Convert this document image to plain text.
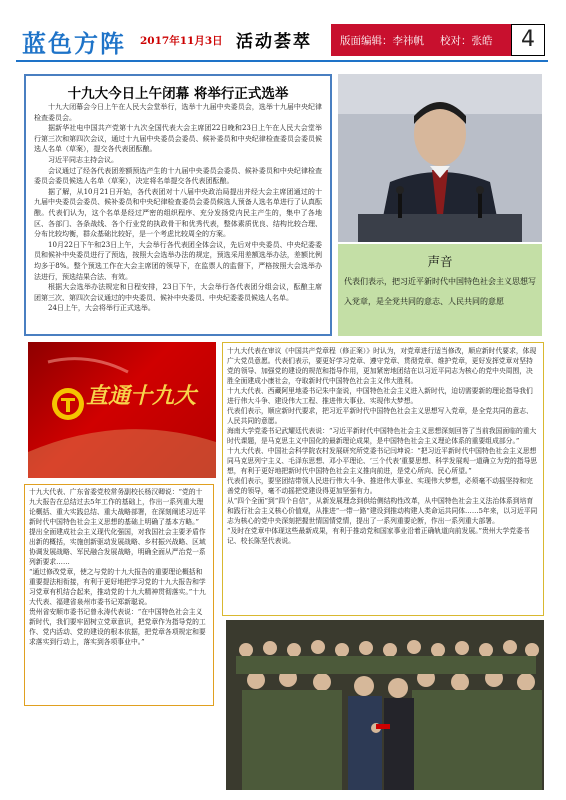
蓝色方阵 2017年11月3日 活动荟萃	版面编辑：李祎帆 校对：张皓	4
十九大今日上午闭幕 将举行正式选举

十九大闭幕会今日上午在人民大会堂举行，选举十九届中央委员会，选举十九届中央纪律检查委员会。

据新华社电中国共产党第十九次全国代表大会主席团22日晚和23日上午在人民大会堂举行第三次和第四次会议，通过十九届中央委员会委员、候补委员和中央纪律检查委员会委员候选人名单（草案），提交各代表团酝酿。

习近平同志主持会议。

会议通过了经各代表团差额预选产生的十九届中央委员会委员、候补委员和中央纪律检查委员会委员候选人名单（草案），决定将名单提交各代表团酝酿。

据了解，从10月21日开始，各代表团对十八届中央政治局提出并经大会主席团通过的十九届中央委员会委员、候补委员和中央纪律检查委员会委员候选人预备人选名单进行了认真酝酿。代表们认为，这个名单是经过严密的组织程序、充分发扬党内民主产生的，集中了各地区、各部门、各条战线、各个行业党的执政骨干和优秀代表，整体素质优良、结构比较合理、分布比较均衡，群众基础比较好，是一个考虑比较周全的方案。

10月22日下午和23日上午，大会举行各代表团全体会议，先后对中央委员、中央纪委委员和候补中央委员进行了预选，按照大会选举办法的规定，预选采用差额选举办法，差额比例均多于8%。整个预选工作在大会主席团的领导下，在监票人的监督下，严格按照大会选举办法进行，预选结果合法、有效。

根据大会选举办法规定和日程安排，23日下午，大会举行各代表团分组会议，酝酿主席团第三次、第四次会议通过的中央委员、候补中央委员、中央纪委委员候选人名单。

24日上午，大会将举行正式选举。

声音
代表们表示，把习近平新时代中国特色社会主义思想写入党章，是全党共同的意志、人民共同的意愿
直通十九大

十九大代表在审议《中国共产党章程（修正案）》时认为，对党章进行适当修改，顺应新时代要求，体现广大党员意愿。代表们表示，要更好学习党章、遵守党章、贯彻党章、维护党章，更好发挥党章对坚持党的领导、加强党的建设的规范和指导作用，更加紧密地团结在以习近平同志为核心的党中央周围，决胜全面建成小康社会，夺取新时代中国特色社会主义伟大胜利。

十九大代表、西藏阿里地委书记朱中奎说，中国特色社会主义进入新时代，迫切需要新的理论指导我们进行伟大斗争、建设伟大工程、推进伟大事业、实现伟大梦想。

代表们表示，顺应新时代要求，把习近平新时代中国特色社会主义思想写入党章，是全党共同的意志、人民共同的意愿。

海南大学党委书记武耀廷代表说：“习近平新时代中国特色社会主义思想深刻回答了当前我国面临的重大时代课题，是马克思主义中国化的最新理论成果，是中国特色社会主义理论体系的重要组成部分。”

十九大代表、中国社会科学院农村发展研究所党委书记闫坤说：“把习近平新时代中国特色社会主义思想同马克思列宁主义、毛泽东思想、邓小平理论、‘三个代表’重要思想、科学发展观一道确立为党的指导思想，有利于更好地把新时代中国特色社会主义推向前进，是党心所向、民心所望。”

代表们表示，要坚团结带领人民进行伟大斗争、推进伟大事业、实现伟大梦想，必须毫不动摇坚持和完善党的领导，毫不动摇把党建设得更加坚强有力。

从“四个全面”到“四个自信”，从新发展理念到供给侧结构性改革，从中国特色社会主义法治体系到培育和践行社会主义核心价值观，从推进“一带一路”建设到推动构建人类命运共同体……5年来，以习近平同志为核心的党中央深刻把握世情国情党情，提出了一系列重要论断，作出一系列重大部署。

“及时在党章中体现这些最新成果，有利于推动党和国家事业沿着正确轨道向前发展。”贵州大学党委书记、校长陈坚代表说。

十九大代表、广东省委党校常务副校长杨汉卿说：“党的十九大报告在总结过去5年工作的基础上，作出一系列重大理论概括、重大实践总结、重大战略部署，在深刻阐述习近平新时代中国特色社会主义思想的基础上明确了基本方略。”

提出全面建成社会主义现代化强国，对我国社会主要矛盾作出新的概括，实施创新驱动发展战略、乡村振兴战略、区域协调发展战略、军民融合发展战略，明确全面从严治党一系列新要求……

“通过修改党章，使之与党的十九大报告的重要理论概括和重要提法相衔接，有利于更好地把学习党的十九大报告和学习党章有机结合起来，推动党的十九大精神贯彻落实。”十九大代表、福建省泉州市委书记郑新聪说。

贵州省安顺市委书记曾永涛代表说：“在中国特色社会主义新时代，我们要牢固树立党章意识，把党章作为指导党的工作、党内活动、党的建设的根本依据，把党章各项规定和要求落实到行动上，落实到各项事业中。”
